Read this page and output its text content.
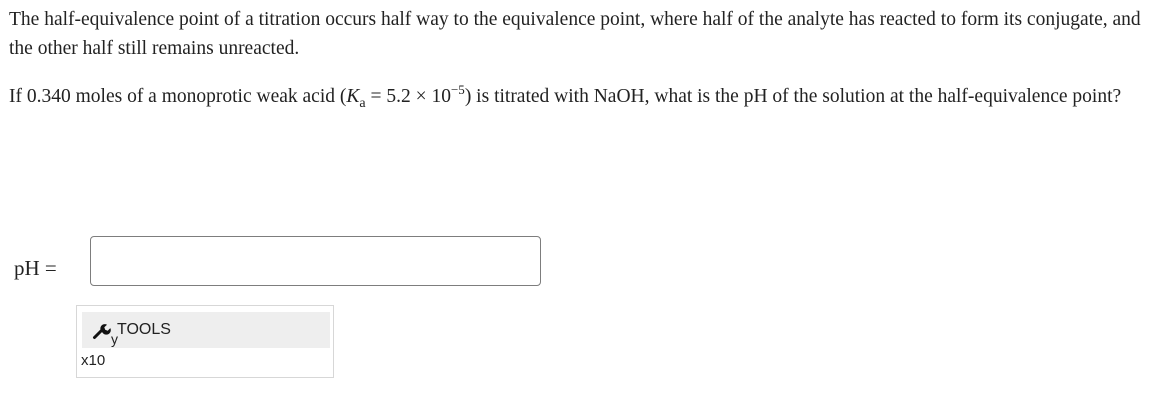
The half-equivalence point of a titration occurs half way to the equivalence point, where half of the analyte has reacted to form its conjugate, and the other half still remains unreacted.

If 0.340 moles of a monoprotic weak acid $(K_a = 5.2 \times 10^{-5})$ is titrated with NaOH, what is the pH of the solution at the half-equivalence point?

pH =
y
TOOLS
x10
